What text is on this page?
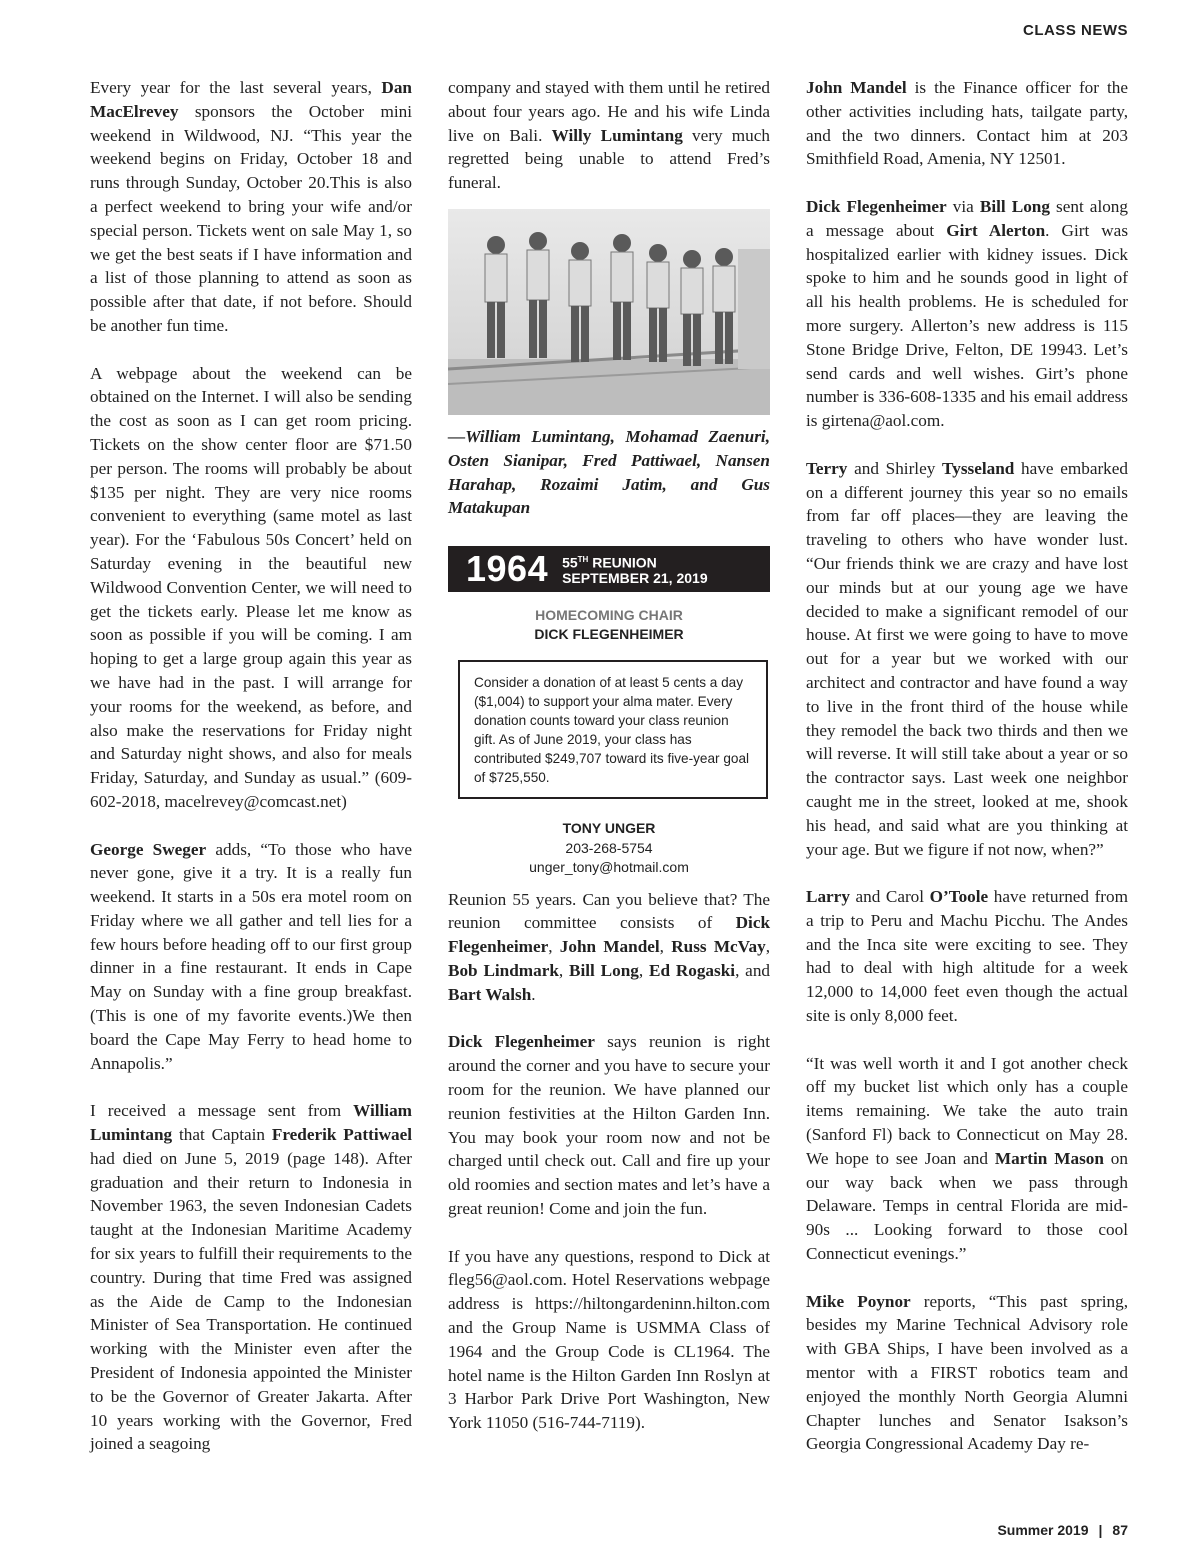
CLASS NEWS

Every year for the last several years, Dan MacElrevey sponsors the October mini weekend in Wildwood, NJ. “This year the weekend begins on Friday, October 18 and runs through Sunday, October 20.This is also a perfect weekend to bring your wife and/or special person. Tickets went on sale May 1, so we get the best seats if I have information and a list of those planning to attend as soon as possible after that date, if not before. Should be another fun time.

A webpage about the weekend can be obtained on the Internet. I will also be sending the cost as soon as I can get room pricing. Tickets on the show center floor are $71.50 per person. The rooms will probably be about $135 per night. They are very nice rooms convenient to everything (same motel as last year). For the ‘Fabulous 50s Concert’ held on Saturday evening in the beautiful new Wildwood Convention Center, we will need to get the tickets early. Please let me know as soon as possible if you will be coming. I am hoping to get a large group again this year as we have had in the past. I will arrange for your rooms for the weekend, as before, and also make the reservations for Friday night and Saturday night shows, and also for meals Friday, Saturday, and Sunday as usual.” (609-602-2018, macelrevey@comcast.net)

George Sweger adds, “To those who have never gone, give it a try. It is a really fun weekend. It starts in a 50s era motel room on Friday where we all gather and tell lies for a few hours before heading off to our first group dinner in a fine restaurant. It ends in Cape May on Sunday with a fine group breakfast. (This is one of my favorite events.)We then board the Cape May Ferry to head home to Annapolis.”

I received a message sent from William Lumintang that Captain Frederik Pattiwael had died on June 5, 2019 (page 148). After graduation and their return to Indonesia in November 1963, the seven Indonesian Cadets taught at the Indonesian Maritime Academy for six years to fulfill their requirements to the country. During that time Fred was assigned as the Aide de Camp to the Indonesian Minister of Sea Transportation. He continued working with the Minister even after the President of Indonesia appointed the Minister to be the Governor of Greater Jakarta. After 10 years working with the Governor, Fred joined a seagoing

company and stayed with them until he retired about four years ago. He and his wife Linda live on Bali. Willy Lumintang very much regretted being unable to attend Fred’s funeral.

—William Lumintang, Mohamad Zaenuri, Osten Sianipar, Fred Pattiwael, Nansen Harahap, Rozaimi Jatim, and Gus Matakupan
1964	55TH REUNION
SEPTEMBER 21, 2019
HOMECOMING CHAIR
DICK FLEGENHEIMER
Consider a donation of at least 5 cents a day ($1,004) to support your alma mater. Every donation counts toward your class reunion gift. As of June 2019, your class has contributed $249,707 toward its five-year goal of $725,550.
TONY UNGER
203-268-5754
unger_tony@hotmail.com

Reunion 55 years. Can you believe that? The reunion committee consists of Dick Flegenheimer, John Mandel, Russ McVay, Bob Lindmark, Bill Long, Ed Rogaski, and Bart Walsh.

Dick Flegenheimer says reunion is right around the corner and you have to secure your room for the reunion. We have planned our reunion festivities at the Hilton Garden Inn. You may book your room now and not be charged until check out. Call and fire up your old roomies and section mates and let’s have a great reunion! Come and join the fun.

If you have any questions, respond to Dick at fleg56@aol.com. Hotel Reservations webpage address is https://hiltongardeninn.hilton.com and the Group Name is USMMA Class of 1964 and the Group Code is CL1964. The hotel name is the Hilton Garden Inn Roslyn at 3 Harbor Park Drive Port Washington, New York 11050 (516-744-7119).

John Mandel is the Finance officer for the other activities including hats, tailgate party, and the two dinners. Contact him at 203 Smithfield Road, Amenia, NY 12501.

Dick Flegenheimer via Bill Long sent along a message about Girt Alerton. Girt was hospitalized earlier with kidney issues. Dick spoke to him and he sounds good in light of all his health problems. He is scheduled for more surgery. Allerton’s new address is 115 Stone Bridge Drive, Felton, DE 19943. Let’s send cards and well wishes. Girt’s phone number is 336-608-1335 and his email address is girtena@aol.com.

Terry and Shirley Tysseland have embarked on a different journey this year so no emails from far off places—they are leaving the traveling to others who have wonder lust. “Our friends think we are crazy and have lost our minds but at our young age we have decided to make a significant remodel of our house. At first we were going to have to move out for a year but we worked with our architect and contractor and have found a way to live in the front third of the house while they remodel the back two thirds and then we will reverse. It will still take about a year or so the contractor says. Last week one neighbor caught me in the street, looked at me, shook his head, and said what are you thinking at your age. But we figure if not now, when?”

Larry and Carol O’Toole have returned from a trip to Peru and Machu Picchu. The Andes and the Inca site were exciting to see. They had to deal with high altitude for a week 12,000 to 14,000 feet even though the actual site is only 8,000 feet.

“It was well worth it and I got another check off my bucket list which only has a couple items remaining. We take the auto train (Sanford Fl) back to Connecticut on May 28. We hope to see Joan and Martin Mason on our way back when we pass through Delaware. Temps in central Florida are mid-90s ... Looking forward to those cool Connecticut evenings.”

Mike Poynor reports, “This past spring, besides my Marine Technical Advisory role with GBA Ships, I have been involved as a mentor with a FIRST robotics team and enjoyed the monthly North Georgia Alumni Chapter lunches and Senator Isakson’s Georgia Congressional Academy Day re-

Summer 2019 | 87
